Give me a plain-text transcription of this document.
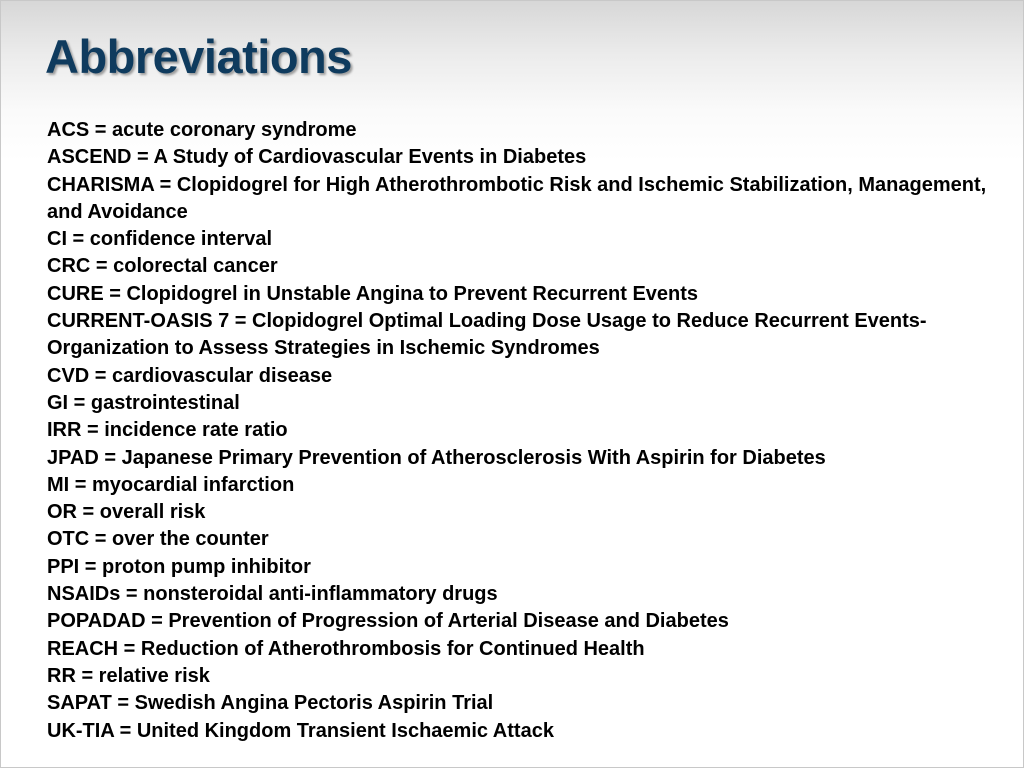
Abbreviations
ACS = acute coronary syndrome
ASCEND = A Study of Cardiovascular Events in Diabetes
CHARISMA = Clopidogrel for High Atherothrombotic Risk and Ischemic Stabilization, Management, and Avoidance
CI = confidence interval
CRC = colorectal cancer
CURE = Clopidogrel in Unstable Angina to Prevent Recurrent Events
CURRENT-OASIS 7 = Clopidogrel Optimal Loading Dose Usage to Reduce Recurrent Events-Organization to Assess Strategies in Ischemic Syndromes
CVD = cardiovascular disease
GI = gastrointestinal
IRR = incidence rate ratio
JPAD = Japanese Primary Prevention of Atherosclerosis With Aspirin for Diabetes
MI = myocardial infarction
OR = overall risk
OTC = over the counter
PPI = proton pump inhibitor
NSAIDs = nonsteroidal anti-inflammatory drugs
POPADAD = Prevention of Progression of Arterial Disease and Diabetes
REACH = Reduction of Atherothrombosis for Continued Health
RR = relative risk
SAPAT = Swedish Angina Pectoris Aspirin Trial
UK-TIA = United Kingdom Transient Ischaemic Attack
